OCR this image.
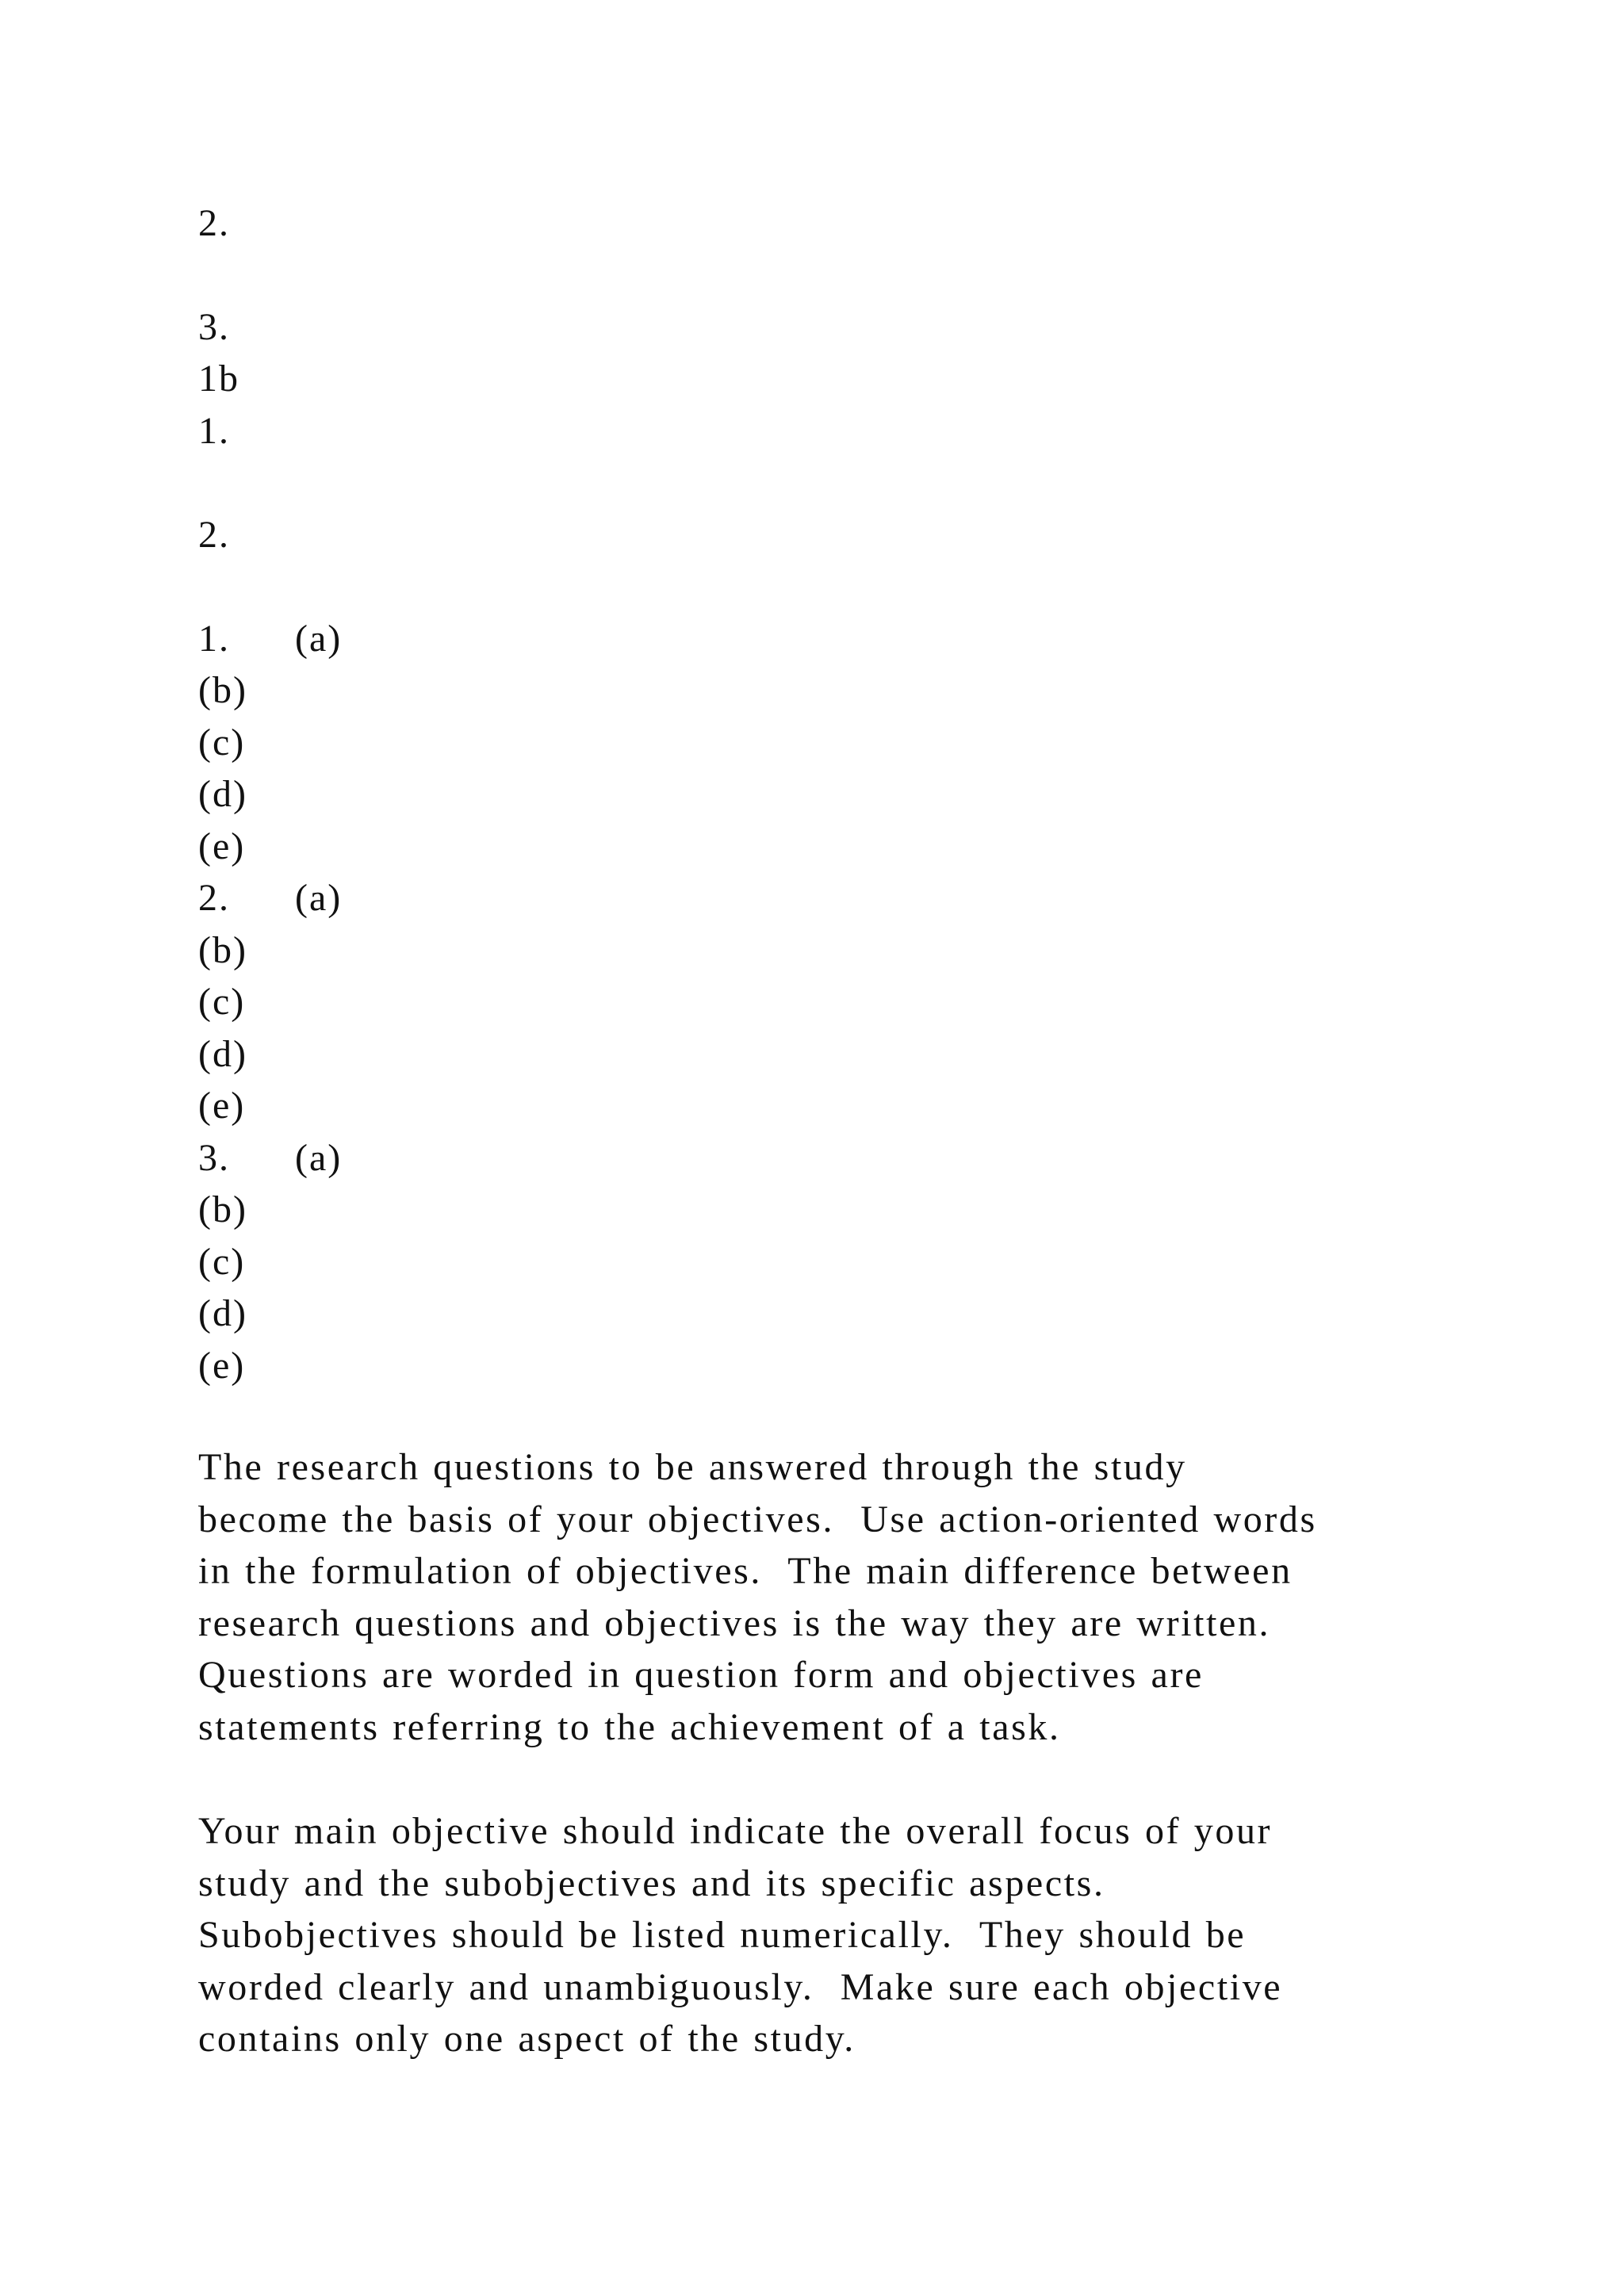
2.
3.
1b
1.
2.
1. (a)
(b)
(c)
(d)
(e)
2. (a)
(b)
(c)
(d)
(e)
3. (a)
(b)
(c)
(d)
(e)
The research questions to be answered through the study
become the basis of your objectives.  Use action-oriented words
in the formulation of objectives.  The main difference between
research questions and objectives is the way they are written.
Questions are worded in question form and objectives are
statements referring to the achievement of a task.
Your main objective should indicate the overall focus of your
study and the subobjectives and its specific aspects.
Subobjectives should be listed numerically.  They should be
worded clearly and unambiguously.  Make sure each objective
contains only one aspect of the study.
